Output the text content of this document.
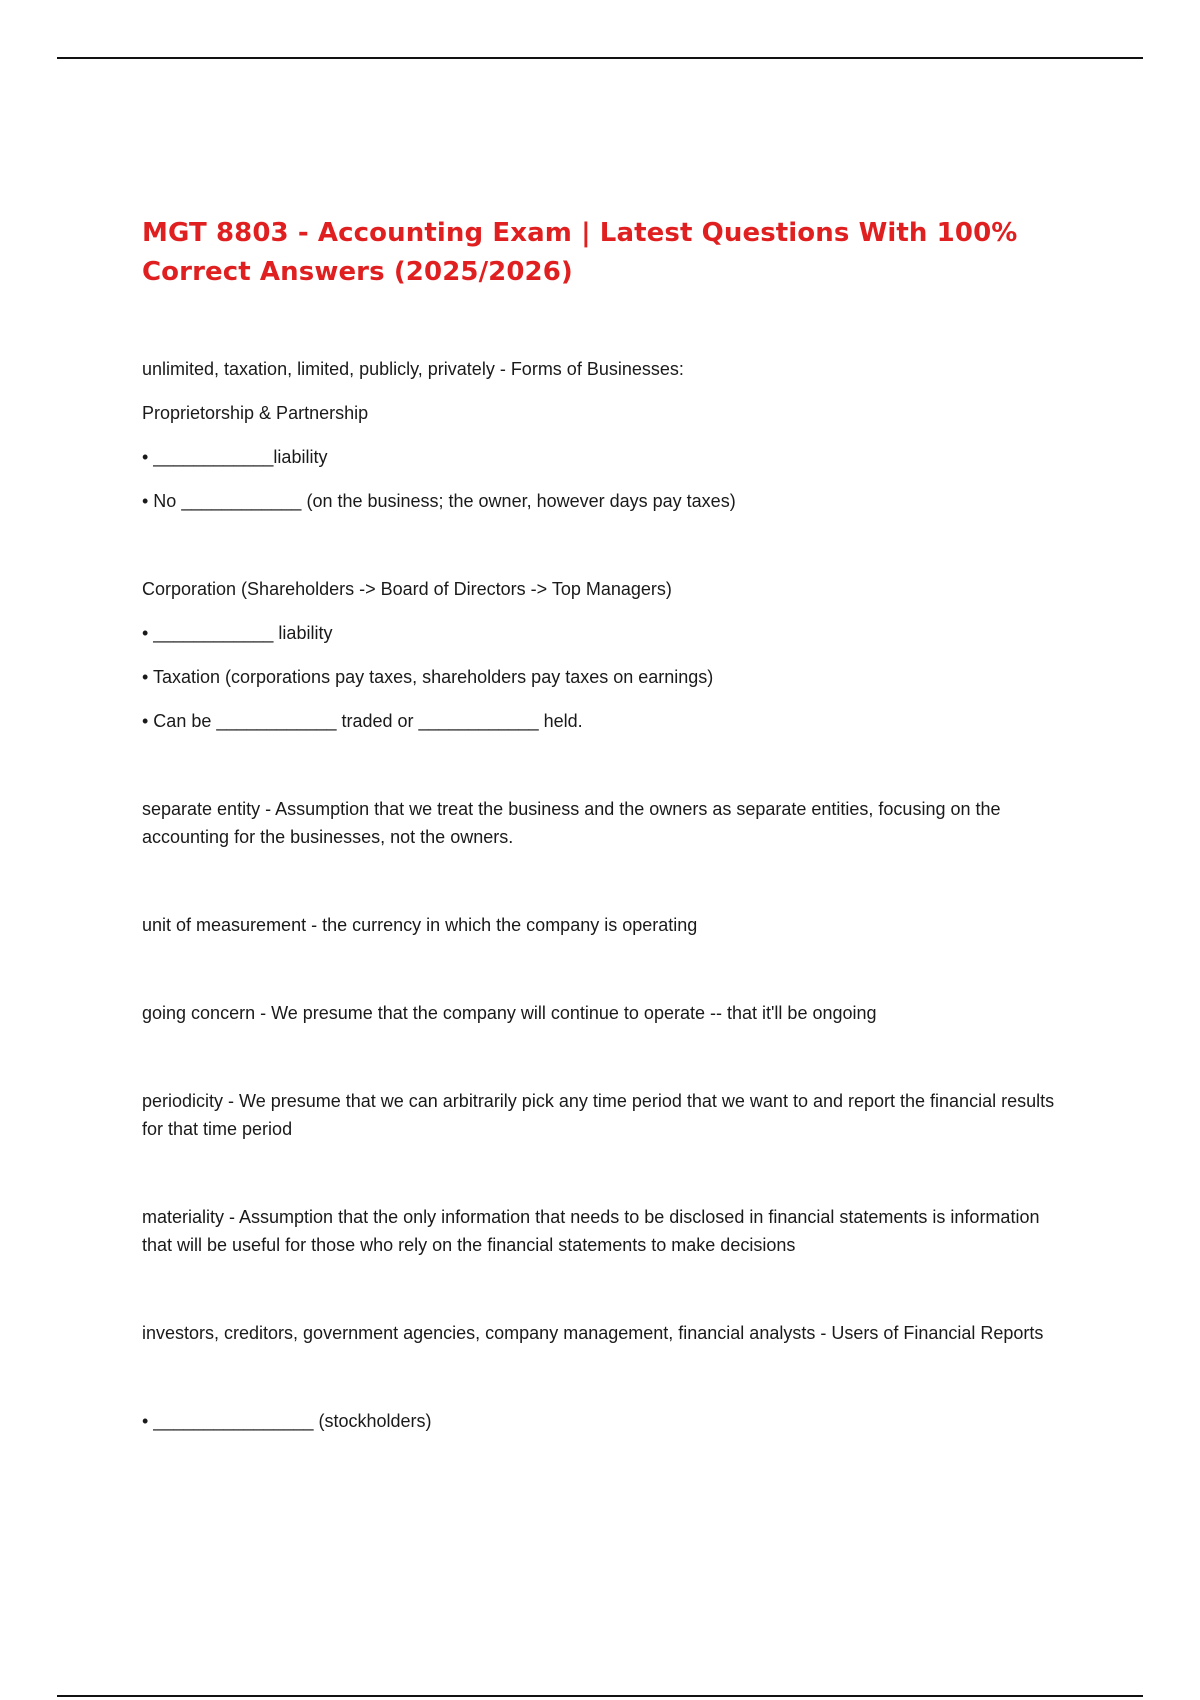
MGT 8803 - Accounting Exam | Latest Questions With 100% Correct Answers (2025/2026)

unlimited, taxation, limited, publicly, privately - Forms of Businesses:

Proprietorship & Partnership

• ____________liability

• No ____________ (on the business; the owner, however days pay taxes)

Corporation (Shareholders -> Board of Directors -> Top Managers)

• ____________ liability

• Taxation (corporations pay taxes, shareholders pay taxes on earnings)

• Can be ____________ traded or ____________ held.

separate entity - Assumption that we treat the business and the owners as separate entities, focusing on the accounting for the businesses, not the owners.

unit of measurement - the currency in which the company is operating

going concern - We presume that the company will continue to operate -- that it'll be ongoing

periodicity - We presume that we can arbitrarily pick any time period that we want to and report the financial results for that time period

materiality - Assumption that the only information that needs to be disclosed in financial statements is information that will be useful for those who rely on the financial statements to make decisions

investors, creditors, government agencies, company management, financial analysts - Users of Financial Reports

• ________________ (stockholders)
